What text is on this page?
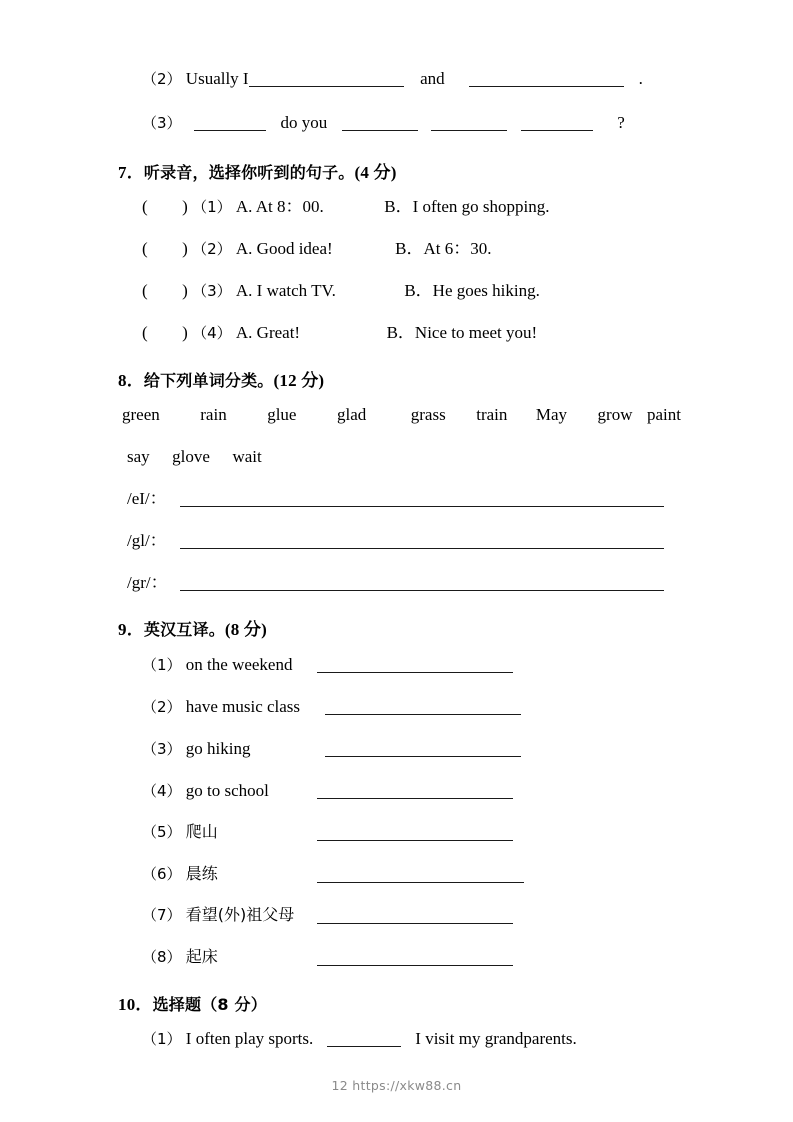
（2） Usually I	and	.
（3）	do you	?
7．听录音，选择你听到的句子。(4 分)
( ) （1） A. At 8：00.	B．I often go shopping.
( ) （2） A. Good idea!	B．At 6：30.
( ) （3） A. I watch TV.	B．He goes hiking.
( ) （4） A. Great!	B．Nice to meet you!
8．给下列单词分类。(12 分)
green rain glue glad	grass train May grow paint
say glove wait
/eI/：
/gl/：
/gr/：
9．英汉互译。(8 分)
（1） on the weekend
（2） have music class
（3） go hiking
（4） go to school
（5） 爬山
（6） 晨练
（7） 看望(外)祖父母
（8） 起床
10．选择题（8 分）
（1） I often play sports.	I visit my grandparents.
12 https://xkw88.cn
